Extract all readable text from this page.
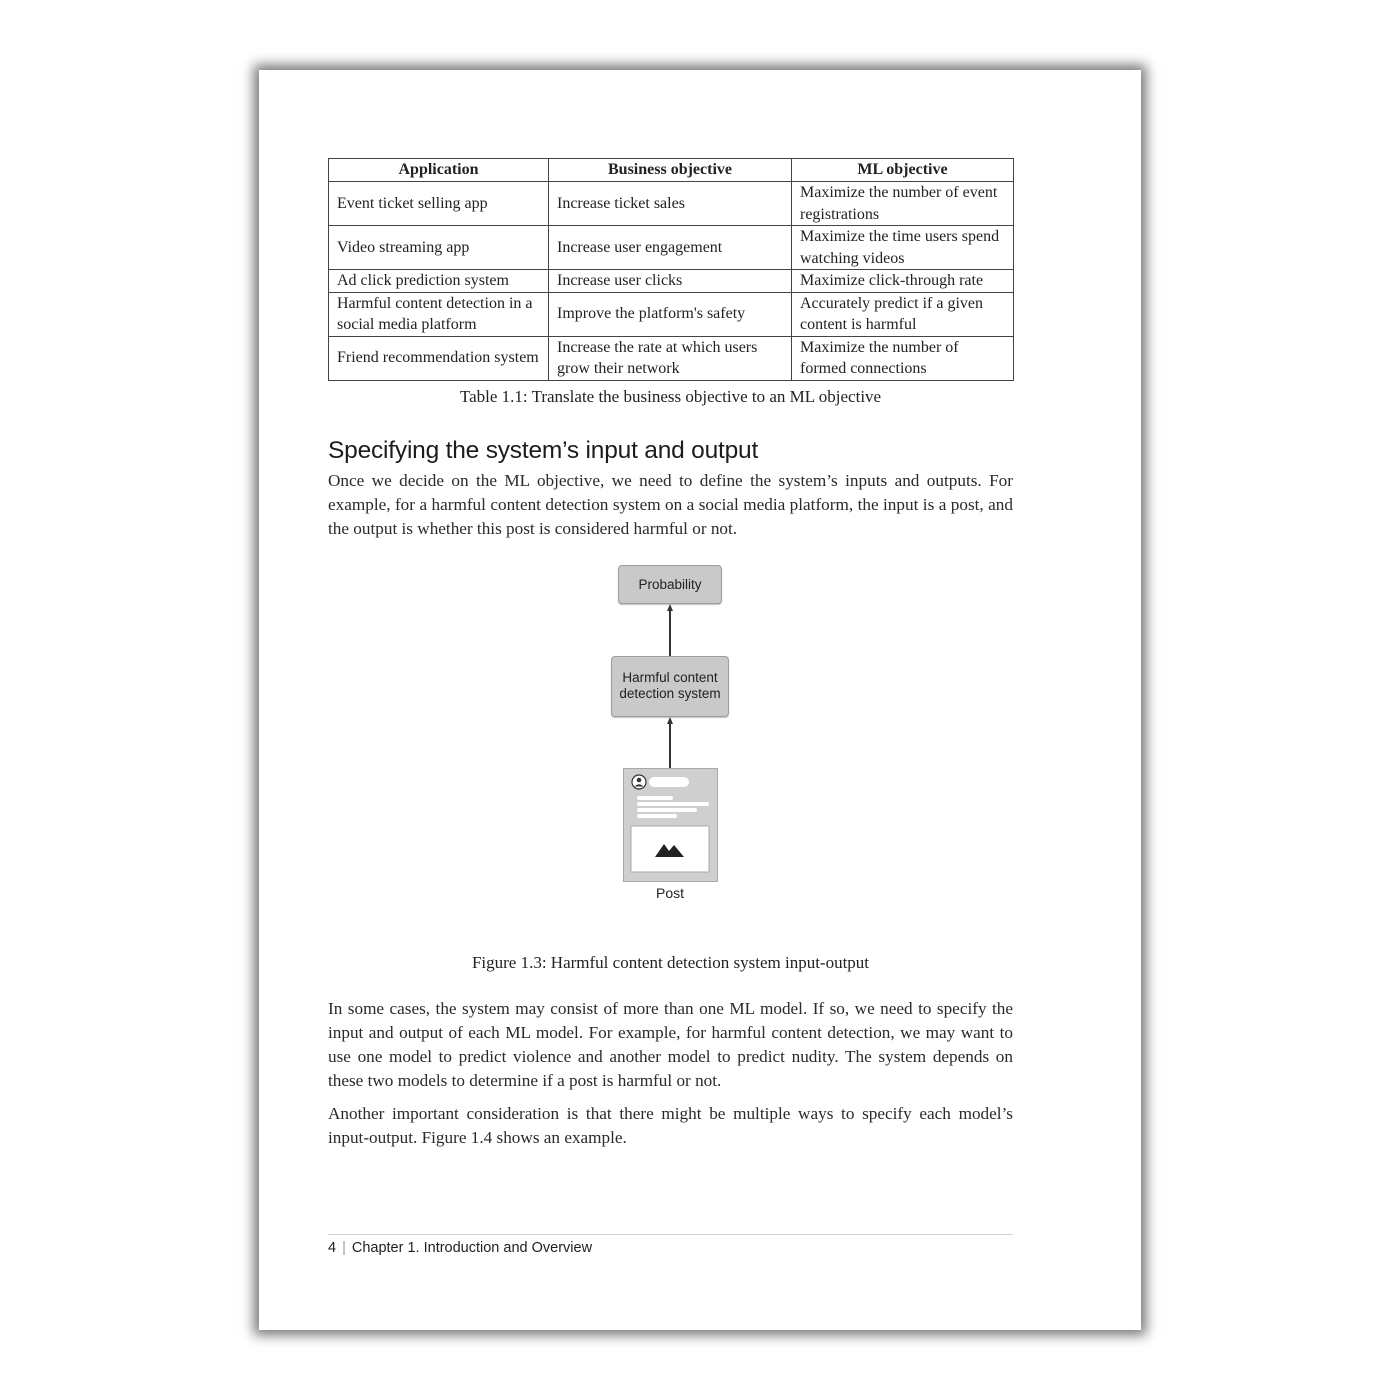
Application	Business objective	ML objective
Event ticket selling app	Increase ticket sales	Maximize the number of event registrations
Video streaming app	Increase user engagement	Maximize the time users spend watching videos
Ad click prediction system	Increase user clicks	Maximize click-through rate
Harmful content detection in a social media platform	Improve the platform's safety	Accurately predict if a given content is harmful
Friend recommendation system	Increase the rate at which users grow their network	Maximize the number of formed connections
Table 1.1: Translate the business objective to an ML objective
Specifying the system’s input and output

Once we decide on the ML objective, we need to define the system’s inputs and outputs. For example, for a harmful content detection system on a social media platform, the input is a post, and the output is whether this post is considered harmful or not.

Probability
Harmful content detection system
Post
Figure 1.3: Harmful content detection system input-output

In some cases, the system may consist of more than one ML model. If so, we need to specify the input and output of each ML model. For example, for harmful content detection, we may want to use one model to predict violence and another model to predict nudity. The system depends on these two models to determine if a post is harmful or not.

Another important consideration is that there might be multiple ways to specify each model’s input-output. Figure 1.4 shows an example.

4 | Chapter 1. Introduction and Overview
